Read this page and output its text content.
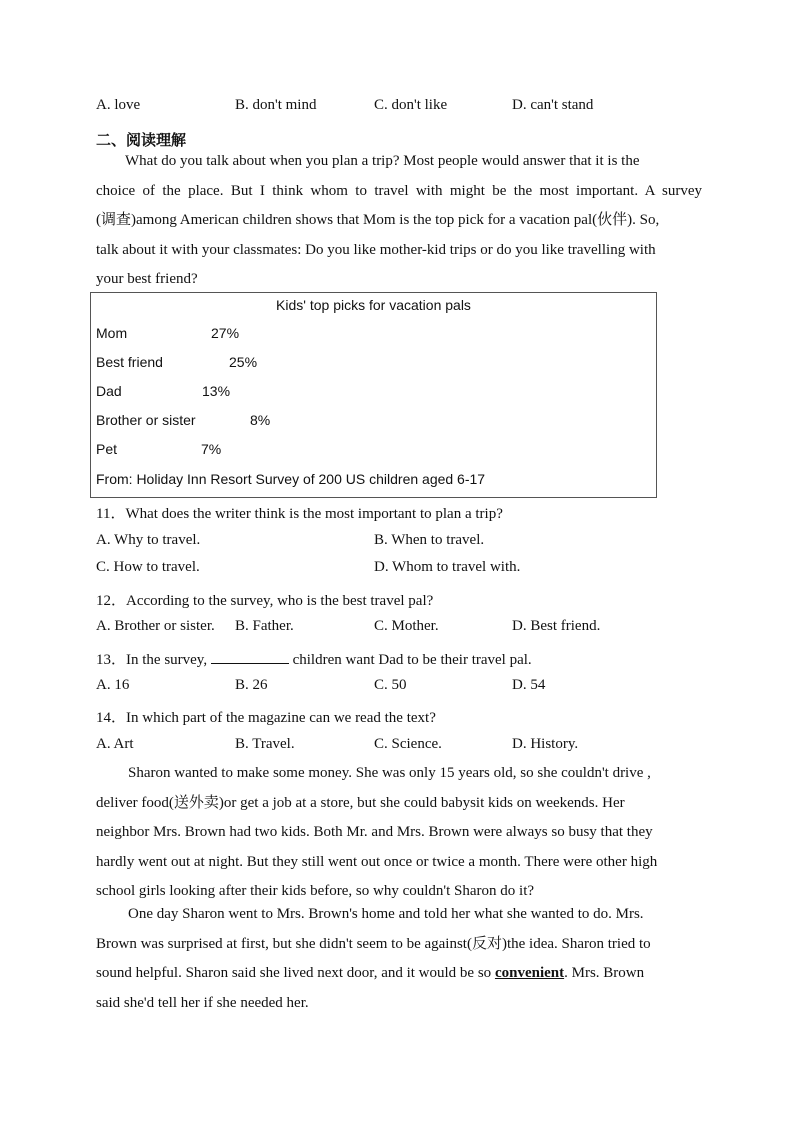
A. love	B. don't mind	C. don't like	D. can't stand
二、阅读理解

What do you talk about when you plan a trip? Most people would answer that it is the

choice of the place. But I think whom to travel with might be the most important. A survey

(调查)among American children shows that Mom is the top pick for a vacation pal(伙伴). So,

talk about it with your classmates: Do you like mother-kid trips or do you like travelling with

your best friend?

Kids' top picks for vacation pals
Mom	27%
Best friend	25%
Dad	13%
Brother or sister	8%
Pet	7%
From: Holiday Inn Resort Survey of 200 US children aged 6-17
11．What does the writer think is the most important to plan a trip?
A. Why to travel.	B. When to travel.
C. How to travel.	D. Whom to travel with.
12．According to the survey, who is the best travel pal?
A. Brother or sister. B. Father.	C. Mother.	D. Best friend.
13．In the survey,	children want Dad to be their travel pal.
A. 16	B. 26	C. 50	D. 54
14．In which part of the magazine can we read the text?
A. Art	B. Travel.	C. Science.	D. History.

Sharon wanted to make some money. She was only 15 years old, so she couldn't drive ,

deliver food(送外卖)or get a job at a store, but she could babysit kids on weekends. Her

neighbor Mrs. Brown had two kids. Both Mr. and Mrs. Brown were always so busy that they

hardly went out at night. But they still went out once or twice a month. There were other high

school girls looking after their kids before, so why couldn't Sharon do it?

One day Sharon went to Mrs. Brown's home and told her what she wanted to do. Mrs.

Brown was surprised at first, but she didn't seem to be against(反对)the idea. Sharon tried to

sound helpful. Sharon said she lived next door, and it would be so convenient. Mrs. Brown

said she'd tell her if she needed her.
